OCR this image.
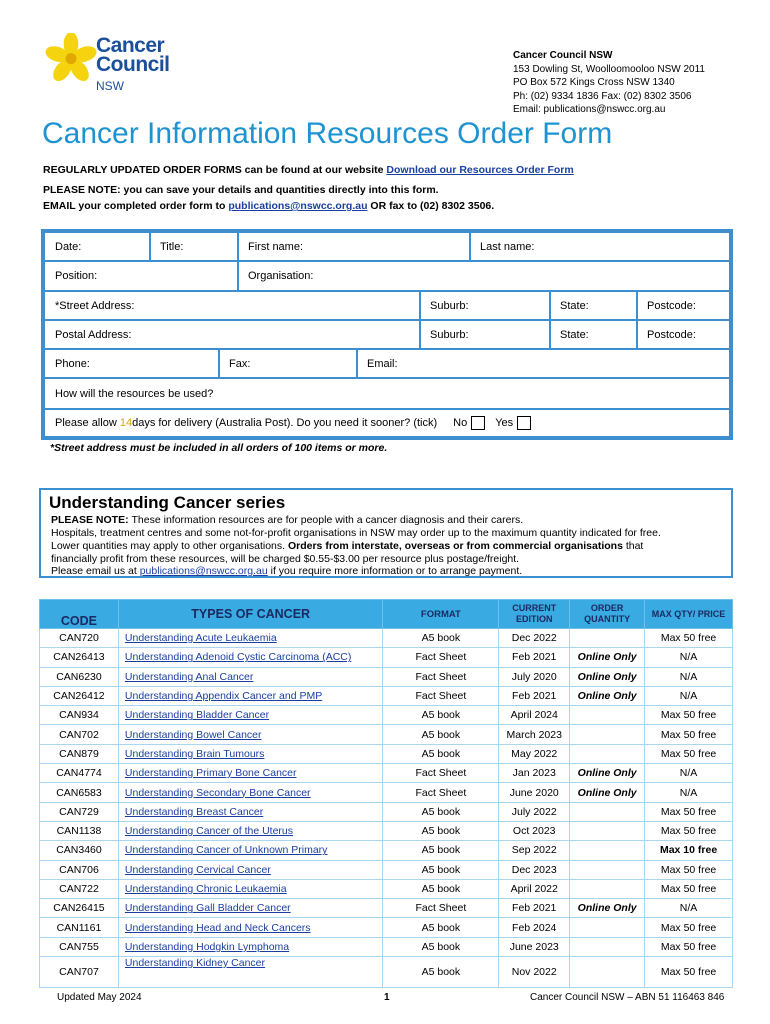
Cancer
Council
NSW
Cancer Council NSW
153 Dowling St, Woolloomooloo NSW 2011
PO Box 572 Kings Cross NSW 1340
Ph: (02) 9334 1836 Fax: (02) 8302 3506
Email: publications@nswcc.org.au
Cancer Information Resources Order Form
REGULARLY UPDATED ORDER FORMS can be found at our website Download our Resources Order Form
PLEASE NOTE: you can save your details and quantities directly into this form.
EMAIL your completed order form to publications@nswcc.org.au OR fax to (02) 8302 3506.
Date:	Title:	First name:	Last name:
Position:	Organisation:
*Street Address:	Suburb:	State:	Postcode:
Postal Address:	Suburb:	State:	Postcode:
Phone:	Fax:	Email:
How will the resources be used?
Please allow
14 days for delivery (Australia Post). Do you need it sooner? (tick) No	Yes
*Street address must be included in all orders of 100 items or more.
Understanding Cancer series
PLEASE NOTE: These information resources are for people with a cancer diagnosis and their carers.
Hospitals, treatment centres and some not-for-profit organisations in NSW may order up to the maximum quantity indicated for free.
Lower quantities may apply to other organisations. Orders from interstate, overseas or from commercial organisations that
financially profit from these resources, will be charged $0.55-$3.00 per resource plus postage/freight.
Please email us at publications@nswcc.org.au if you require more information or to arrange payment.
CODE	TYPES OF CANCER	FORMAT	CURRENT EDITION	ORDER QUANTITY	MAX QTY/ PRICE
CAN720	Understanding Acute Leukaemia	A5 book	Dec 2022		Max 50 free
CAN26413	Understanding Adenoid Cystic Carcinoma (ACC)	Fact Sheet	Feb 2021	Online Only	N/A
CAN6230	Understanding Anal Cancer	Fact Sheet	July 2020	Online Only	N/A
CAN26412	Understanding Appendix Cancer and PMP	Fact Sheet	Feb 2021	Online Only	N/A
CAN934	Understanding Bladder Cancer	A5 book	April 2024		Max 50 free
CAN702	Understanding Bowel Cancer	A5 book	March 2023		Max 50 free
CAN879	Understanding Brain Tumours	A5 book	May 2022		Max 50 free
CAN4774	Understanding Primary Bone Cancer	Fact Sheet	Jan 2023	Online Only	N/A
CAN6583	Understanding Secondary Bone Cancer	Fact Sheet	June 2020	Online Only	N/A
CAN729	Understanding Breast Cancer	A5 book	July 2022		Max 50 free
CAN1138	Understanding Cancer of the Uterus	A5 book	Oct 2023		Max 50 free
CAN3460	Understanding Cancer of Unknown Primary	A5 book	Sep 2022		Max 10 free
CAN706	Understanding Cervical Cancer	A5 book	Dec 2023		Max 50 free
CAN722	Understanding Chronic Leukaemia	A5 book	April 2022		Max 50 free
CAN26415	Understanding Gall Bladder Cancer	Fact Sheet	Feb 2021	Online Only	N/A
CAN1161	Understanding Head and Neck Cancers	A5 book	Feb 2024		Max 50 free
CAN755	Understanding Hodgkin Lymphoma	A5 book	June 2023		Max 50 free
CAN707	Understanding Kidney Cancer	A5 book	Nov 2022		Max 50 free
Updated May 2024	1	Cancer Council NSW – ABN 51 116463 846
